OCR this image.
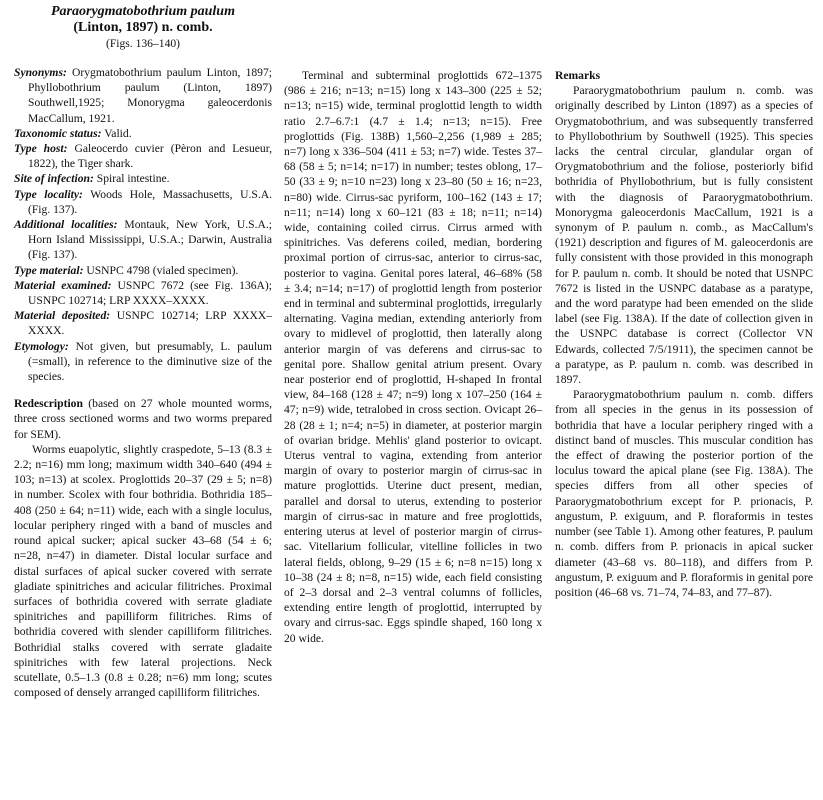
Paraorygmatobothrium paulum
(Linton, 1897) n. comb.
(Figs. 136–140)

Synonyms: Orygmatobothrium paulum Linton, 1897; Phyllobothrium paulum (Linton, 1897) Southwell,1925; Monorygma galeocerdonis MacCallum, 1921.

Taxonomic status: Valid.

Type host: Galeocerdo cuvier (Pèron and Lesueur, 1822), the Tiger shark.

Site of infection: Spiral intestine.

Type locality: Woods Hole, Massachusetts, U.S.A. (Fig. 137).

Additional localities: Montauk, New York, U.S.A.; Horn Island Mississippi, U.S.A.; Darwin, Australia (Fig. 137).

Type material: USNPC 4798 (vialed specimen).

Material examined: USNPC 7672 (see Fig. 136A); USNPC 102714; LRP XXXX–XXXX.

Material deposited: USNPC 102714; LRP XXXX–XXXX.

Etymology: Not given, but presumably, L. paulum (=small), in reference to the diminutive size of the species.

Redescription (based on 27 whole mounted worms, three cross sectioned worms and two worms prepared for SEM).

Worms euapolytic, slightly craspedote, 5–13 (8.3 ± 2.2; n=16) mm long; maximum width 340–640 (494 ± 103; n=13) at scolex. Proglottids 20–37 (29 ± 5; n=8) in number. Scolex with four bothridia. Bothridia 185–408 (250 ± 64; n=11) wide, each with a single loculus, locular periphery ringed with a band of muscles and round apical sucker; apical sucker 43–68 (54 ± 6; n=28, n=47) in diameter. Distal locular surface and distal surfaces of apical sucker covered with serrate gladiate spinitriches and acicular filitriches. Proximal surfaces of bothridia covered with serrate gladiate spinitriches and papilliform filitriches. Rims of bothridia covered with slender capilliform filitriches. Bothridial stalks covered with serrate gladaite spinitriches with few lateral projections. Neck scutellate, 0.5–1.3 (0.8 ± 0.28; n=6) mm long; scutes composed of densely arranged capilliform filitriches.

Terminal and subterminal proglottids 672–1375 (986 ± 216; n=13; n=15) long x 143–300 (225 ± 52; n=13; n=15) wide, terminal proglottid length to width ratio 2.7–6.7:1 (4.7 ± 1.4; n=13; n=15). Free proglottids (Fig. 138B) 1,560–2,256 (1,989 ± 285; n=7) long x 336–504 (411 ± 53; n=7) wide. Testes 37–68 (58 ± 5; n=14; n=17) in number; testes oblong, 17–50 (33 ± 9; n=10 n=23) long x 23–80 (50 ± 16; n=23, n=80) wide. Cirrus-sac pyriform, 100–162 (143 ± 17; n=11; n=14) long x 60–121 (83 ± 18; n=11; n=14) wide, containing coiled cirrus. Cirrus armed with spinitriches. Vas deferens coiled, median, bordering proximal portion of cirrus-sac, anterior to cirrus-sac, posterior to vagina. Genital pores lateral, 46–68% (58 ± 3.4; n=14; n=17) of proglottid length from posterior end in terminal and subterminal proglottids, irregularly alternating. Vagina median, extending anteriorly from ovary to midlevel of proglottid, then laterally along anterior margin of vas deferens and cirrus-sac to genital pore. Shallow genital atrium present. Ovary near posterior end of proglottid, H-shaped In frontal view, 84–168 (128 ± 47; n=9) long x 107–250 (164 ± 47; n=9) wide, tetralobed in cross section. Ovicapt 26–28 (28 ± 1; n=4; n=5) in diameter, at posterior margin of ovarian bridge. Mehlis' gland posterior to ovicapt. Uterus ventral to vagina, extending from anterior margin of ovary to posterior margin of cirrus-sac in mature proglottids. Uterine duct present, median, parallel and dorsal to uterus, extending to posterior margin of cirrus-sac in mature and free proglottids, entering uterus at level of posterior margin of cirrus-sac. Vitellarium follicular, vitelline follicles in two lateral fields, oblong, 9–29 (15 ± 6; n=8 n=15) long x 10–38 (24 ± 8; n=8, n=15) wide, each field consisting of 2–3 dorsal and 2–3 ventral columns of follicles, extending entire length of proglottid, interrupted by ovary and cirrus-sac. Eggs spindle shaped, 160 long x 20 wide.

Remarks

Paraorygmatobothrium paulum n. comb. was originally described by Linton (1897) as a species of Orygmatobothrium, and was subsequently transferred to Phyllobothrium by Southwell (1925). This species lacks the central circular, glandular organ of Orygmatobothrium and the foliose, posteriorly bifid bothridia of Phyllobothrium, but is fully consistent with the diagnosis of Paraorygmatobothrium. Monorygma galeocerdonis MacCallum, 1921 is a synonym of P. paulum n. comb., as MacCallum's (1921) description and figures of M. galeocerdonis are fully consistent with those provided in this monograph for P. paulum n. comb. It should be noted that USNPC 7672 is listed in the USNPC database as a paratype, and the word paratype had been emended on the slide label (see Fig. 138A). If the date of collection given in the USNPC database is correct (Collector VN Edwards, collected 7/5/1911), the specimen cannot be a paratype, as P. paulum n. comb. was described in 1897.

Paraorygmatobothrium paulum n. comb. differs from all species in the genus in its possession of bothridia that have a locular periphery ringed with a distinct band of muscles. This muscular condition has the effect of drawing the posterior portion of the loculus toward the apical plane (see Fig. 138A). The species differs from all other species of Paraorygmatobothrium except for P. prionacis, P. angustum, P. exiguum, and P. floraformis in testes number (see Table 1). Among other features, P. paulum n. comb. differs from P. prionacis in apical sucker diameter (43–68 vs. 80–118), and differs from P. angustum, P. exiguum and P. floraformis in genital pore position (46–68 vs. 71–74, 74–83, and 77–87).
